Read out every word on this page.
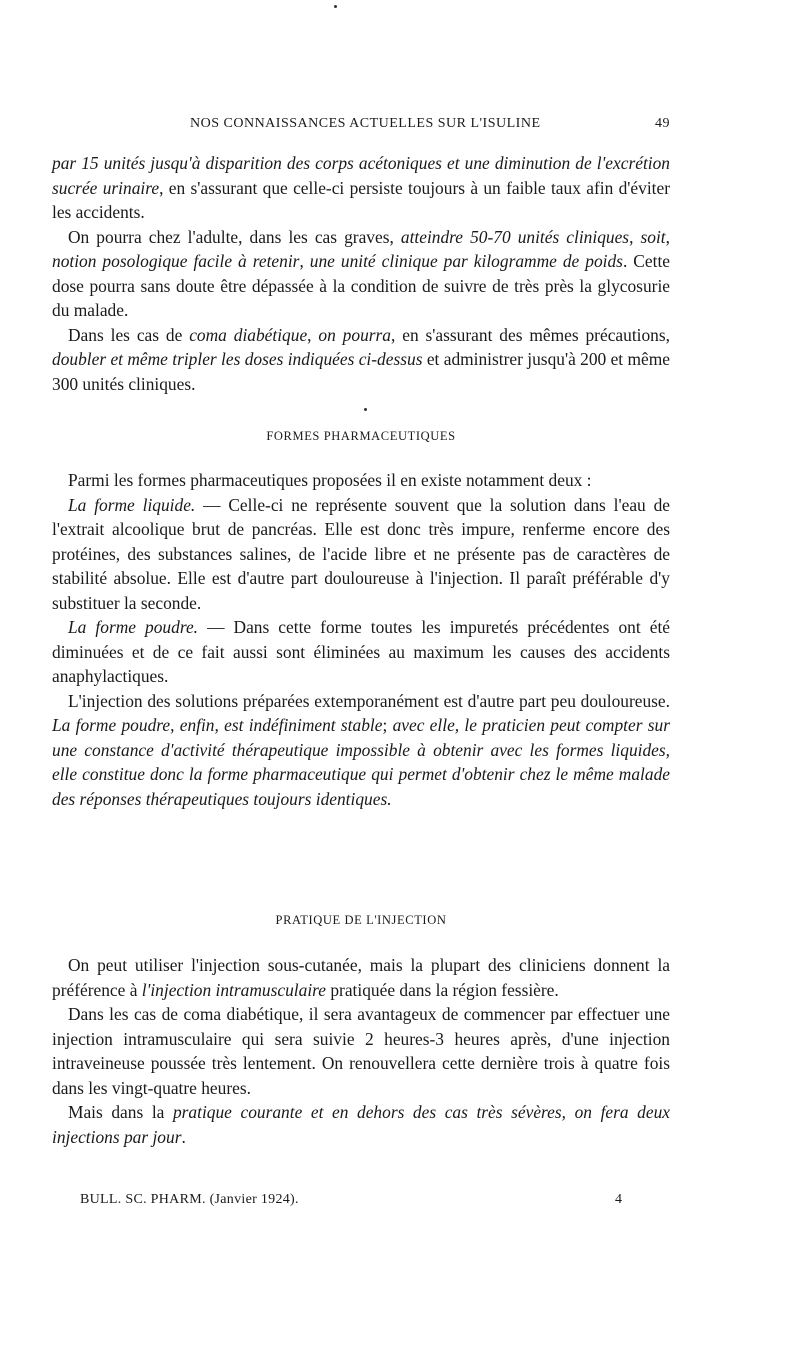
NOS CONNAISSANCES ACTUELLES SUR L'ISULINE	49

par 15 unités jusqu'à disparition des corps acétoniques et une diminution de l'excrétion sucrée urinaire, en s'assurant que celle-ci persiste toujours à un faible taux afin d'éviter les accidents.

On pourra chez l'adulte, dans les cas graves, atteindre 50-70 unités cliniques, soit, notion posologique facile à retenir, une unité clinique par kilogramme de poids. Cette dose pourra sans doute être dépassée à la condition de suivre de très près la glycosurie du malade.

Dans les cas de coma diabétique, on pourra, en s'assurant des mêmes précautions, doubler et même tripler les doses indiquées ci-dessus et administrer jusqu'à 200 et même 300 unités cliniques.

FORMES PHARMACEUTIQUES

Parmi les formes pharmaceutiques proposées il en existe notamment deux :

La forme liquide. — Celle-ci ne représente souvent que la solution dans l'eau de l'extrait alcoolique brut de pancréas. Elle est donc très impure, renferme encore des protéines, des substances salines, de l'acide libre et ne présente pas de caractères de stabilité absolue. Elle est d'autre part douloureuse à l'injection. Il paraît préférable d'y substituer la seconde.

La forme poudre. — Dans cette forme toutes les impuretés précédentes ont été diminuées et de ce fait aussi sont éliminées au maximum les causes des accidents anaphylactiques.

L'injection des solutions préparées extemporanément est d'autre part peu douloureuse. La forme poudre, enfin, est indéfiniment stable; avec elle, le praticien peut compter sur une constance d'activité thérapeutique impossible à obtenir avec les formes liquides, elle constitue donc la forme pharmaceutique qui permet d'obtenir chez le même malade des réponses thérapeutiques toujours identiques.

PRATIQUE DE L'INJECTION

On peut utiliser l'injection sous-cutanée, mais la plupart des cliniciens donnent la préférence à l'injection intramusculaire pratiquée dans la région fessière.

Dans les cas de coma diabétique, il sera avantageux de commencer par effectuer une injection intramusculaire qui sera suivie 2 heures-3 heures après, d'une injection intraveineuse poussée très lentement. On renouvellera cette dernière trois à quatre fois dans les vingt-quatre heures.

Mais dans la pratique courante et en dehors des cas très sévères, on fera deux injections par jour.

BULL. SC. PHARM. (Janvier 1924).	4
